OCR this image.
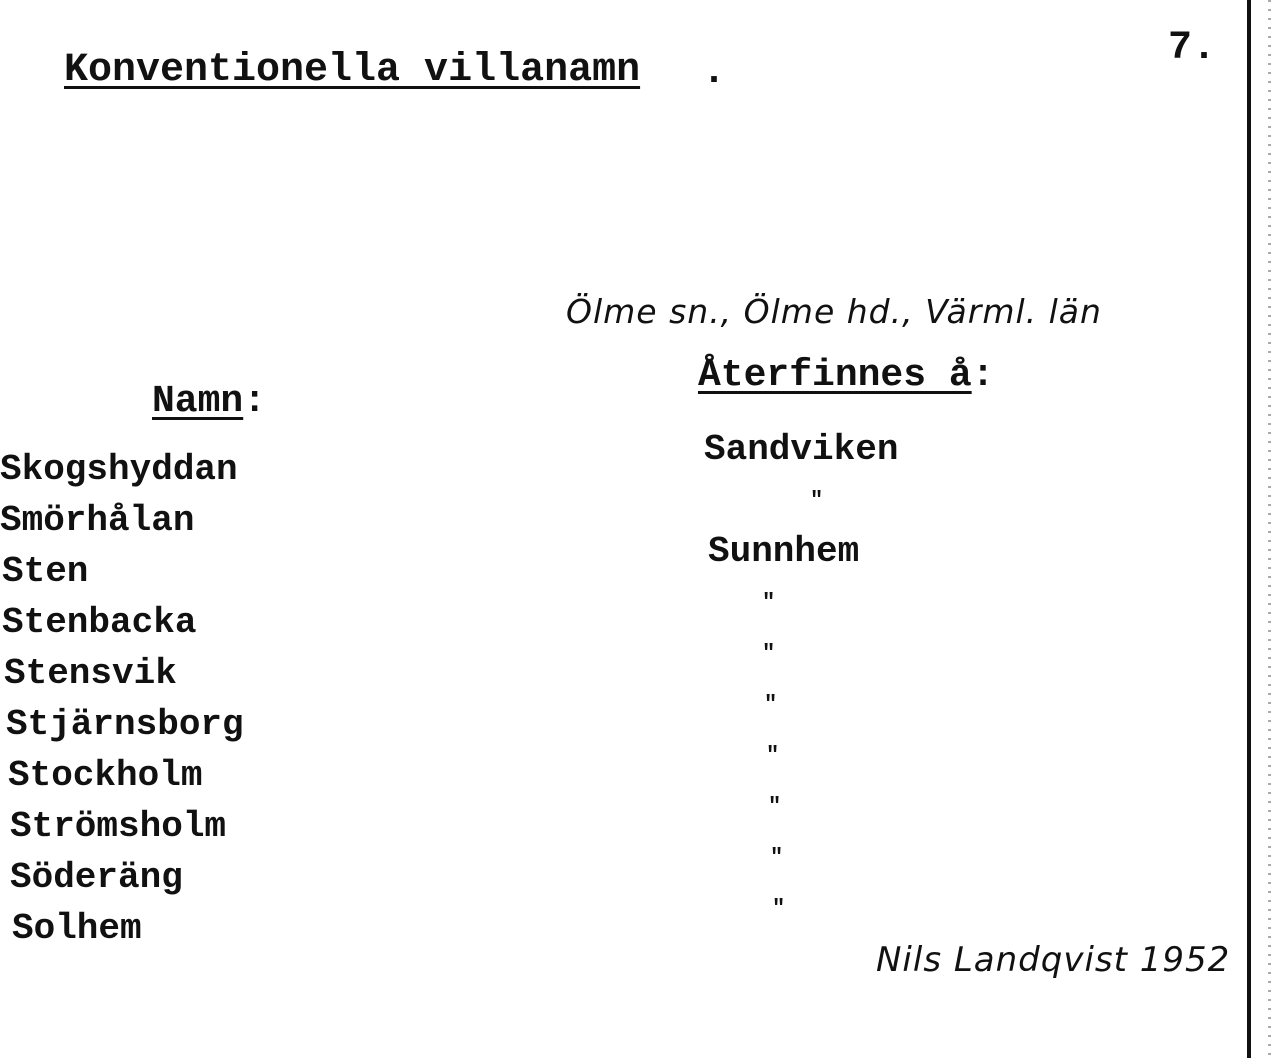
Konventionella villanamn .
7.
Ölme sn., Ölme hd., Värml. län
Namn:
Återfinnes å:
Skogshyddan
Smörhålan
Sten
Stenbacka
Stensvik
Stjärnsborg
Stockholm
Strömsholm
Söderäng
Solhem
Sandviken
"
Sunnhem
"
"
"
"
"
"
"
Nils Landqvist 1952
